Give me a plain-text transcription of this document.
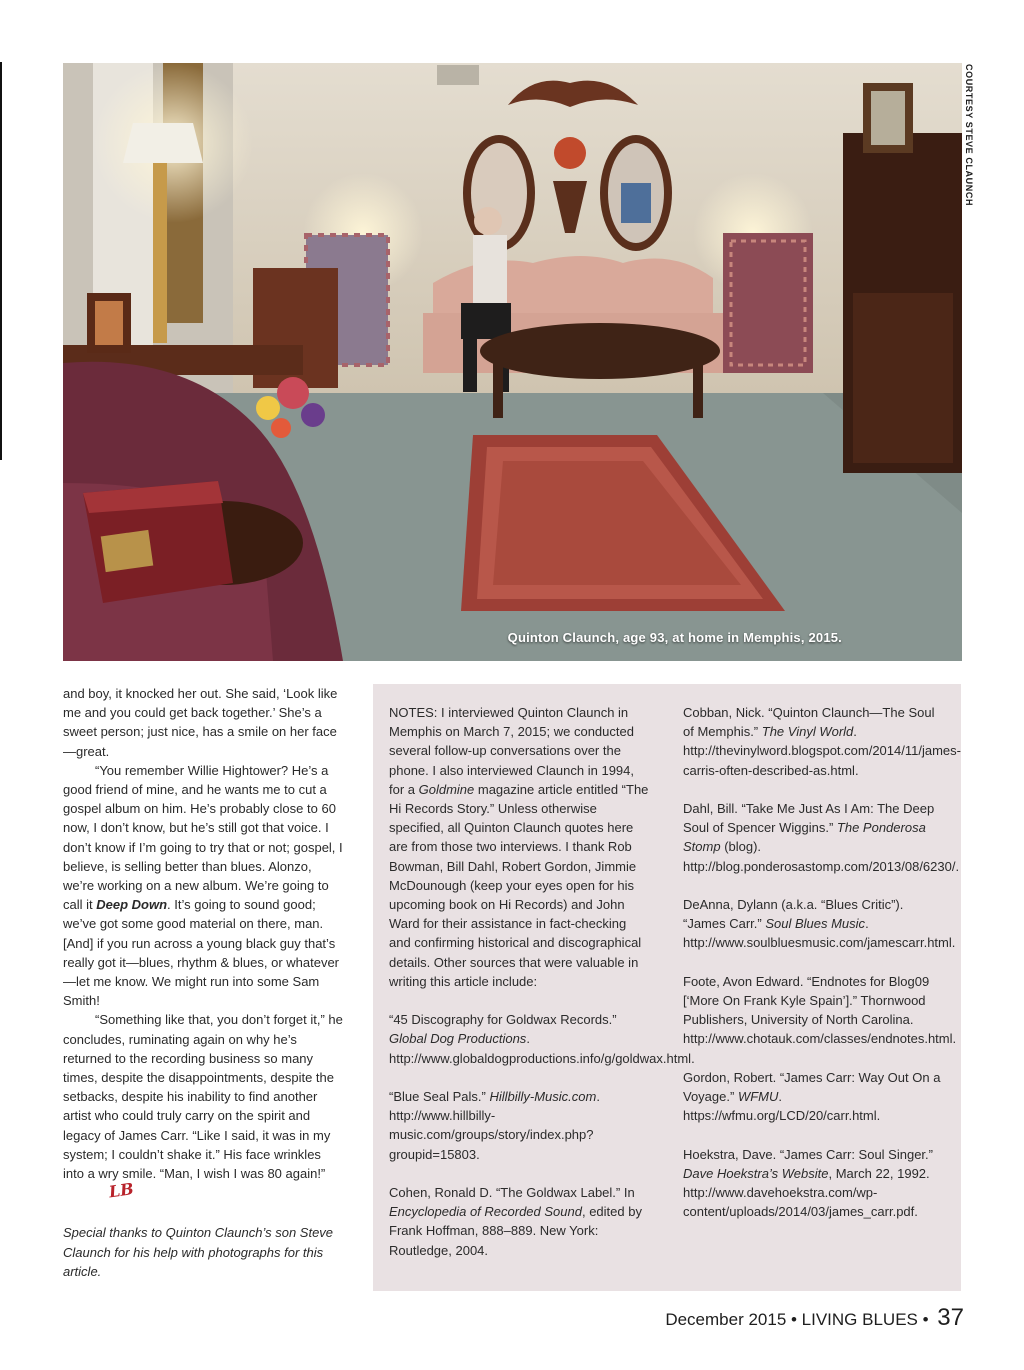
Quinton Claunch, age 93, at home in Memphis, 2015.
COURTESY STEVE CLAUNCH

and boy, it knocked her out. She said, ‘Look like me and you could get back together.’ She’s a sweet person; just nice, has a smile on her face—great.

“You remember Willie Hightower? He’s a good friend of mine, and he wants me to cut a gospel album on him. He’s probably close to 60 now, I don’t know, but he’s still got that voice. I don’t know if I’m going to try that or not; gospel, I believe, is selling better than blues. Alonzo, we’re working on a new album. We’re going to call it Deep Down. It’s going to sound good; we’ve got some good material on there, man. [And] if you run across a young black guy that’s really got it—blues, rhythm & blues, or whatever—let me know. We might run into some Sam Smith!

“Something like that, you don’t forget it,” he concludes, ruminating again on why he’s returned to the recording business so many times, despite the disappointments, despite the setbacks, despite his inability to find another artist who could truly carry on the spirit and legacy of James Carr. “Like I said, it was in my system; I couldn’t shake it.” His face wrinkles into a wry smile. “Man, I wish I was 80 again!”LB

Special thanks to Quinton Claunch’s son Steve Claunch for his help with photographs for this article.

NOTES: I interviewed Quinton Claunch in Memphis on March 7, 2015; we conducted several follow-up conversations over the phone. I also interviewed Claunch in 1994, for a Goldmine magazine article entitled “The Hi Records Story.” Unless otherwise specified, all Quinton Claunch quotes here are from those two interviews. I thank Rob Bowman, Bill Dahl, Robert Gordon, Jimmie McDounough (keep your eyes open for his upcoming book on Hi Records) and John Ward for their assistance in fact-checking and confirming historical and discographical details. Other sources that were valuable in writing this article include:

“45 Discography for Goldwax Records.” Global Dog Productions. http://www.globaldogproductions.info/g/goldwax.html.

“Blue Seal Pals.” Hillbilly-Music.com. http://www.hillbilly-music.com/groups/story/index.php?groupid=15803.

Cohen, Ronald D. “The Goldwax Label.” In Encyclopedia of Recorded Sound, edited by Frank Hoffman, 888–889. New York: Routledge, 2004.

Cobban, Nick. “Quinton Claunch—The Soul of Memphis.” The Vinyl World. http://thevinylword.blogspot.com/2014/11/james-carris-often-described-as.html.

Dahl, Bill. “Take Me Just As I Am: The Deep Soul of Spencer Wiggins.” The Ponderosa Stomp (blog). http://blog.ponderosastomp.com/2013/08/6230/.

DeAnna, Dylann (a.k.a. “Blues Critic”). “James Carr.” Soul Blues Music. http://www.soulbluesmusic.com/jamescarr.html.

Foote, Avon Edward. “Endnotes for Blog09 [‘More On Frank Kyle Spain’].” Thornwood Publishers, University of North Carolina. http://www.chotauk.com/classes/endnotes.html.

Gordon, Robert. “James Carr: Way Out On a Voyage.” WFMU. https://wfmu.org/LCD/20/carr.html.

Hoekstra, Dave. “James Carr: Soul Singer.” Dave Hoekstra’s Website, March 22, 1992. http://www.davehoekstra.com/wp-content/uploads/2014/03/james_carr.pdf.

December 2015 • LIVING BLUES • 37
